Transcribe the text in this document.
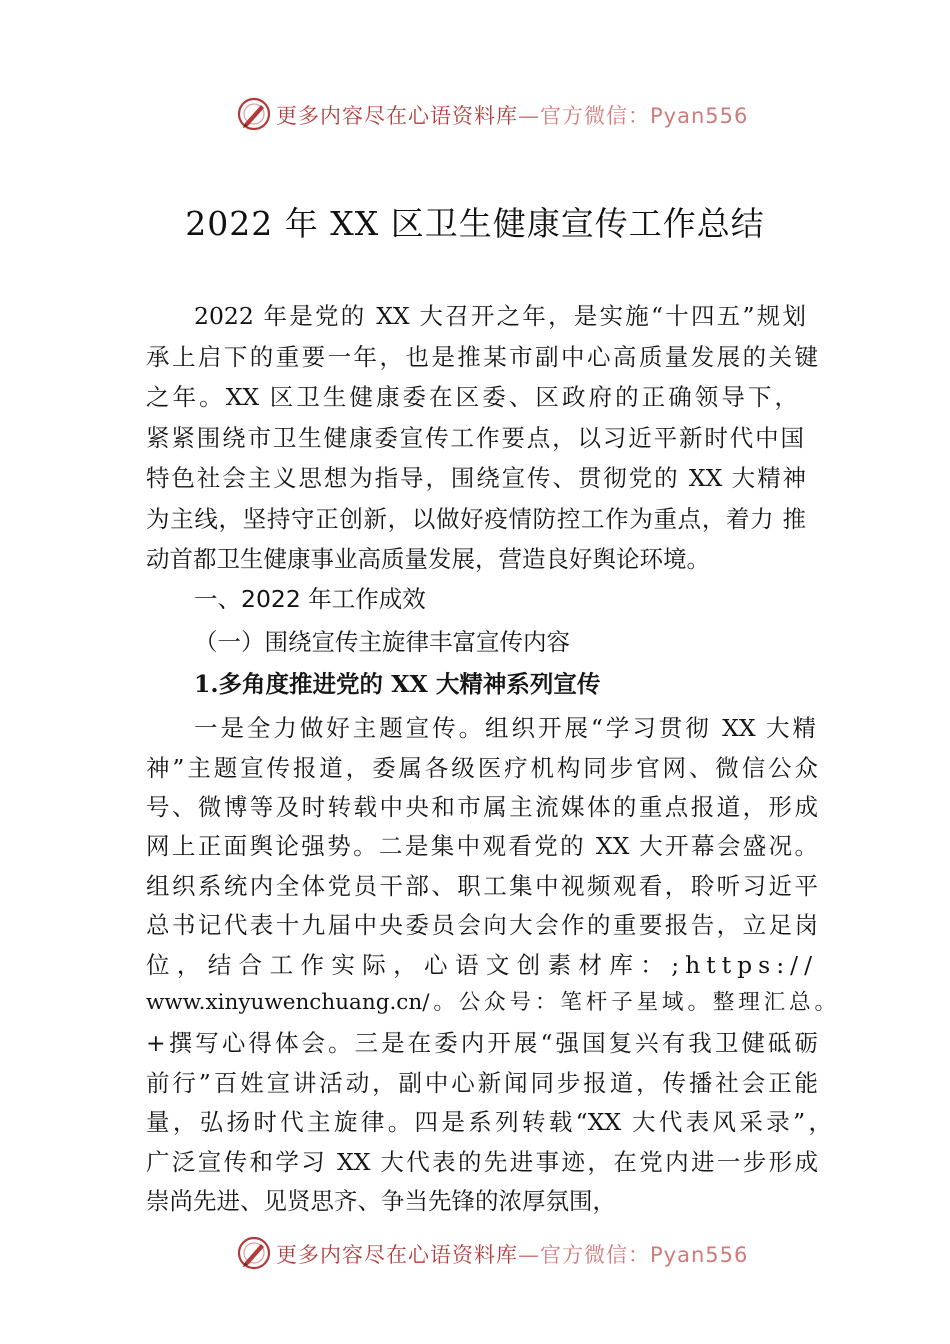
更多内容尽在心语资料库—官方微信：Pyan556
2022 年 XX 区卫生健康宣传工作总结
2022 年是党的 XX 大召开之年，是实施“十四五”规划
承上启下的重要一年，也是推某市副中心高质量发展的关键
之年。XX 区卫生健康委在区委、区政府的正确领导下，
紧紧围绕市卫生健康委宣传工作要点，以习近平新时代中国
特色社会主义思想为指导，围绕宣传、贯彻党的 XX 大精神
为主线，坚持守正创新，以做好疫情防控工作为重点，着力 推
动首都卫生健康事业高质量发展，营造良好舆论环境。
一、2022 年工作成效
（一）围绕宣传主旋律丰富宣传内容
1.多角度推进党的 XX 大精神系列宣传
一是全力做好主题宣传。组织开展“学习贯彻 XX 大精
神”主题宣传报道，委属各级医疗机构同步官网、微信公众
号、微博等及时转载中央和市属主流媒体的重点报道，形成
网上正面舆论强势。二是集中观看党的 XX 大开幕会盛况。
组织系统内全体党员干部、职工集中视频观看，聆听习近平
总书记代表十九届中央委员会向大会作的重要报告，立足岗
位，结合工作实际，心语文创素材库：;https://
www.xinyuwenchuang.cn/。公众号：笔杆子星域。整理汇总。
+撰写心得体会。三是在委内开展“强国复兴有我卫健砥砺
前行”百姓宣讲活动，副中心新闻同步报道，传播社会正能
量，弘扬时代主旋律。四是系列转载“XX 大代表风采录”，
广泛宣传和学习 XX 大代表的先进事迹，在党内进一步形成
崇尚先进、见贤思齐、争当先锋的浓厚氛围，
更多内容尽在心语资料库—官方微信：Pyan556
